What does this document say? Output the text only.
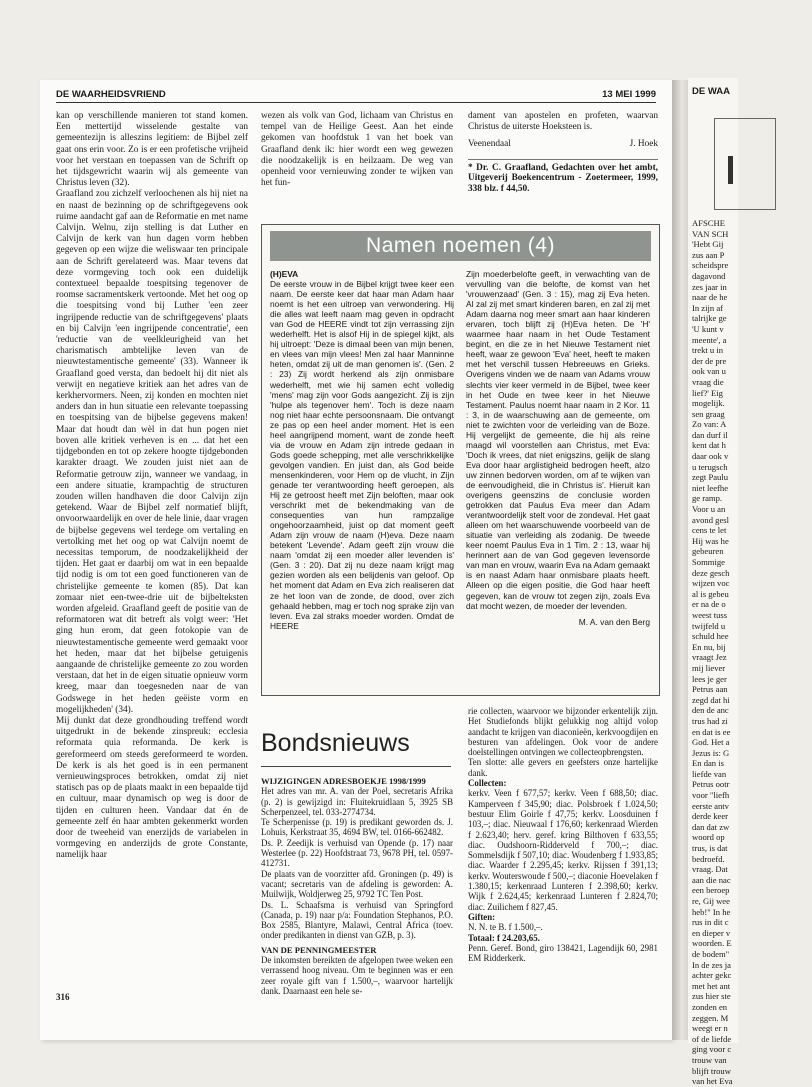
DE WAA
AFSCHE
VAN SCH
'Hebt Gij
zus aan P
scheidspre
dagavond
zes jaar in
naar de he
In zijn af
talrijke ge
'U kunt v
meente', a
trekt u in
der de pre
ook van u
vraag die
lief?' Eig
mogelijk.
sen graag
Zo van: A
dan durf il
kent dat h
daar ook v
u terugsch
zegt Paulu
niet leefhe
ge ramp.
Voor u an
avond gesl
cens te let
Hij was he
gebeuren
Sommige
deze gesch
wijzen voc
al is gebeu
er na de o
weest tuss
twijfeld u
schuld hee
En nu, bij
vraagt Jez
mij liever
lees je ger
Petrus aan
zegd dat hi
den de anc
trus had zi
en dat is ee
God. Het a
Jezus is: G
En dan is
liefde van
Petrus ootr
voor "liefh
eerste antv
derde keer
dan dat zw
woord op
trus, is dat
bedroefd.
vraag. Dat
aan die nac
een beroep
re, Gij wee
heb!" In he
rus in dit c
en dieper v
woorden. E
de bodem"
In de zes ja
achter gekc
met het ant
zus hier ste
zonden en
zeggen. M
weegt er n
of de liefde
ging voor c
trouw van
blijft trouw
van het Eva
DE WAARHEIDSVRIEND	13 MEI 1999

kan op verschillende manieren tot stand komen. Een mettertijd wisselende gestalte van gemeentezijn is alleszins legitiem: de Bijbel zelf gaat ons erin voor. Zo is er een profetische vrijheid voor het verstaan en toepassen van de Schrift op het tijdsgewricht waarin wij als gemeente van Christus leven (32).

Graafland zou zichzelf verloochenen als hij niet na en naast de bezinning op de schriftgegevens ook ruime aandacht gaf aan de Reformatie en met name Calvijn. Welnu, zijn stelling is dat Luther en Calvijn de kerk van hun dagen vorm hebben gegeven op een wijze die weliswaar ten principale aan de Schrift gerelateerd was. Maar tevens dat deze vormgeving toch ook een duidelijk contextueel bepaalde toespitsing tegenover de roomse sacramentskerk vertoonde. Met het oog op die toespitsing vond bij Luther 'een zeer ingrijpende reductie van de schriftgegevens' plaats en bij Calvijn 'een ingrijpende concentratie', een 'reductie van de veelkleurigheid van het charismatisch ambtelijke leven van de nieuwtestamentische gemeente' (33). Wanneer ik Graafland goed versta, dan bedoelt hij dit niet als verwijt en negatieve kritiek aan het adres van de kerkhervormers. Neen, zij konden en mochten niet anders dan in hun situatie een relevante toepassing en toespitsing van de bijbelse gegevens maken! Maar dat houdt dan wèl in dat hun pogen niet boven alle kritiek verheven is en ... dat het een tijdgebonden en tot op zekere hoogte tijdgebonden karakter draagt. We zouden juist niet aan de Reformatie getrouw zijn, wanneer we vandaag, in een andere situatie, krampachtig de structuren zouden willen handhaven die door Calvijn zijn getekend. Waar de Bijbel zelf normatief blijft, onvoorwaardelijk en over de hele linie, daar vragen de bijbelse gegevens wel terdege om vertaling en vertolking met het oog op wat Calvijn noemt de necessitas temporum, de noodzakelijkheid der tijden. Het gaat er daarbij om wat in een bepaalde tijd nodig is om tot een goed functioneren van de christelijke gemeente te komen (85). Dat kan zomaar niet een-twee-drie uit de bijbelteksten worden afgeleid. Graafland geeft de positie van de reformatoren wat dit betreft als volgt weer: 'Het ging hun erom, dat geen fotokopie van de nieuwtestamentische gemeente werd gemaakt voor het heden, maar dat het bijbelse getuigenis aangaande de christelijke gemeente zo zou worden verstaan, dat het in de eigen situatie opnieuw vorm kreeg, maar dan toegesneden naar de van Godswege in het heden geëiste vorm en mogelijkheden' (34).

Mij dunkt dat deze grondhouding treffend wordt uitgedrukt in de bekende zinspreuk: ecclesia reformata quia reformanda. De kerk is gereformeerd om steeds gereformeerd te worden. De kerk is als het goed is in een permanent vernieuwingsproces betrokken, omdat zij niet statisch pas op de plaats maakt in een bepaalde tijd en cultuur, maar dynamisch op weg is door de tijden en culturen heen. Vandaar dat én de gemeente zelf én haar ambten gekenmerkt worden door de tweeheid van enerzijds de variabelen in vormgeving en anderzijds de grote Constante, namelijk haar

wezen als volk van God, lichaam van Christus en tempel van de Heilige Geest. Aan het einde gekomen van hoofdstuk 1 van het boek van Graafland denk ik: hier wordt een weg gewezen die noodzakelijk is en heilzaam. De weg van openheid voor vernieuwing zonder te wijken van het fun-

dament van apostelen en profeten, waarvan Christus de uiterste Hoeksteen is.

Veenendaal	J. Hoek
* Dr. C. Graafland, Gedachten over het ambt, Uitgeverij Boekencentrum - Zoetermeer, 1999, 338 blz. f 44,50.
Namen noemen (4)
(H)EVA
De eerste vrouw in de Bijbel krijgt twee keer een naam. De eerste keer dat haar man Adam haar noemt is het een uitroep van verwondering. Hij die alles wat leeft naam mag geven in opdracht van God de HEERE vindt tot zijn verrassing zijn wederhelft. Het is alsof Hij in de spiegel kijkt, als hij uitroept: 'Deze is dimaal been van mijn benen, en vlees van mijn vlees! Men zal haar Manninne heten, omdat zij uit de man genomen is'. (Gen. 2 : 23) Zij wordt herkend als zijn onmisbare wederhelft, met wie hij samen echt volledig 'mens' mag zijn voor Gods aangezicht. Zij is zijn 'hulpe als tegenover hem'. Toch is deze naam nog niet haar echte persoonsnaam. Die ontvangt ze pas op een heel ander moment. Het is een heel aangrijpend moment, want de zonde heeft via de vrouw en Adam zijn intrede gedaan in Gods goede schepping, met alle verschrikkelijke gevolgen vandien. En juist dan, als God beide mensenkinderen, voor Hem op de vlucht, in Zijn genade ter verantwoording heeft geroepen, als Hij ze getroost heeft met Zijn beloften, maar ook verschrikt met de bekendmaking van de consequenties van hun rampzalige ongehoorzaamheid, juist op dat moment geeft Adam zijn vrouw de naam (H)eva. Deze naam betekent 'Levende'. Adam geeft zijn vrouw die naam 'omdat zij een moeder aller levenden is' (Gen. 3 : 20). Dat zij nu deze naam krijgt mag gezien worden als een belijdenis van geloof. Op het moment dat Adam en Eva zich realiseren dat ze het loon van de zonde, de dood, over zich gehaald hebben, mag er toch nog sprake zijn van leven. Eva zal straks moeder worden. Omdat de HEERE
Zijn moederbelofte geeft, in verwachting van de vervulling van die belofte, de komst van het 'vrouwenzaad' (Gen. 3 : 15), mag zij Eva heten. Al zal zij met smart kinderen baren, en zal zij met Adam daarna nog meer smart aan haar kinderen ervaren, toch blijft zij (H)Eva heten. De 'H' waarmee haar naam in het Oude Testament begint, en die ze in het Nieuwe Testament niet heeft, waar ze gewoon 'Eva' heet, heeft te maken met het verschil tussen Hebreeuws en Grieks. Overigens vinden we de naam van Adams vrouw slechts vier keer vermeld in de Bijbel, twee keer in het Oude en twee keer in het Nieuwe Testament. Paulus noemt haar naam in 2 Kor. 11 : 3, in de waarschuwing aan de gemeente, om niet te zwichten voor de verleiding van de Boze. Hij vergelijkt de gemeente, die hij als reine maagd wil voorstellen aan Christus, met Eva: 'Doch ik vrees, dat niet enigszins, gelijk de slang Eva door haar arglistigheid bedrogen heeft, alzo uw zinnen bedorven worden, om af te wijken van de eenvoudigheid, die in Christus is'. Hieruit kan overigens geenszins de conclusie worden getrokken dat Paulus Eva meer dan Adam verantwoordelijk stelt voor de zondeval. Het gaat alleen om het waarschuwende voorbeeld van de situatie van verleiding als zodanig. De tweede keer noemt Paulus Eva in 1 Tim. 2 : 13, waar hij herinnert aan de van God gegeven levensorde van man en vrouw, waarin Eva na Adam gemaakt is en naast Adam haar onmisbare plaats heeft. Alleen op die eigen positie, die God haar heeft gegeven, kan de vrouw tot zegen zijn, zoals Eva dat mocht wezen, de moeder der levenden.
M. A. van den Berg
Bondsnieuws
WIJZIGINGEN ADRESBOEKJE 1998/1999

Het adres van mr. A. van der Poel, secretaris Afrika (p. 2) is gewijzigd in: Fluitekruidlaan 5, 3925 SB Scherpenzeel, tel. 033-2774734.

Te Scherpenisse (p. 19) is predikant geworden ds. J. Lohuis, Kerkstraat 35, 4694 BW, tel. 0166-662482.

Ds. P. Zeedijk is verhuisd van Opende (p. 17) naar Westerlee (p. 22) Hoofdstraat 73, 9678 PH, tel. 0597-412731.

De plaats van de voorzitter afd. Groningen (p. 49) is vacant; secretaris van de afdeling is geworden: A. Muilwijk, Woldjerweg 25, 9792 TC Ten Post.

Ds. L. Schaafsma is verhuisd van Springford (Canada, p. 19) naar p/a: Foundation Stephanos, P.O. Box 2585, Blantyre, Malawi, Central Africa (toev. onder predikanten in dienst van GZB, p. 3).

VAN DE PENNINGMEESTER

De inkomsten bereikten de afgelopen twee weken een verrassend hoog niveau. Om te beginnen was er een zeer royale gift van f 1.500,–, waarvoor hartelijk dank. Daarnaast een hele se-

rie collecten, waarvoor we bijzonder erkentelijk zijn. Het Studiefonds blijkt gelukkig nog altijd volop aandacht te krijgen van diaconieën, kerkvoogdijen en besturen van afdelingen. Ook voor de andere doelstellingen ontvingen we collecteopbrengsten.

Ten slotte: alle gevers en geefsters onze hartelijke dank.

Collecten:

kerkv. Veen f 677,57; kerkv. Veen f 688,50; diac. Kamperveen f 345,90; diac. Polsbroek f 1.024,50; bestuur Elim Goirle f 47,75; kerkv. Loosduinen f 103,–; diac. Nieuwaal f 176,60; kerkenraad Wierden f 2.623,40; herv. geref. kring Bilthoven f 633,55; diac. Oudshoorn-Ridderveld f 700,–; diac. Sommelsdijk f 507,10; diac. Woudenberg f 1.933,85; diac. Waarder f 2.295,45; kerkv. Rijssen f 391,13; kerkv. Wouterswoude f 500,–; diaconie Hoevelaken f 1.380,15; kerkenraad Lunteren f 2.398,60; kerkv. Wijk f 2.624,45; kerkenraad Lunteren f 2.824,70; diac. Zuilichem f 827,45.

Giften:

N. N. te B. f 1.500,–.

Totaal: f 24.203,65.

Penn. Geref. Bond, giro 138421, Lagendijk 60, 2981 EM Ridderkerk.

316
